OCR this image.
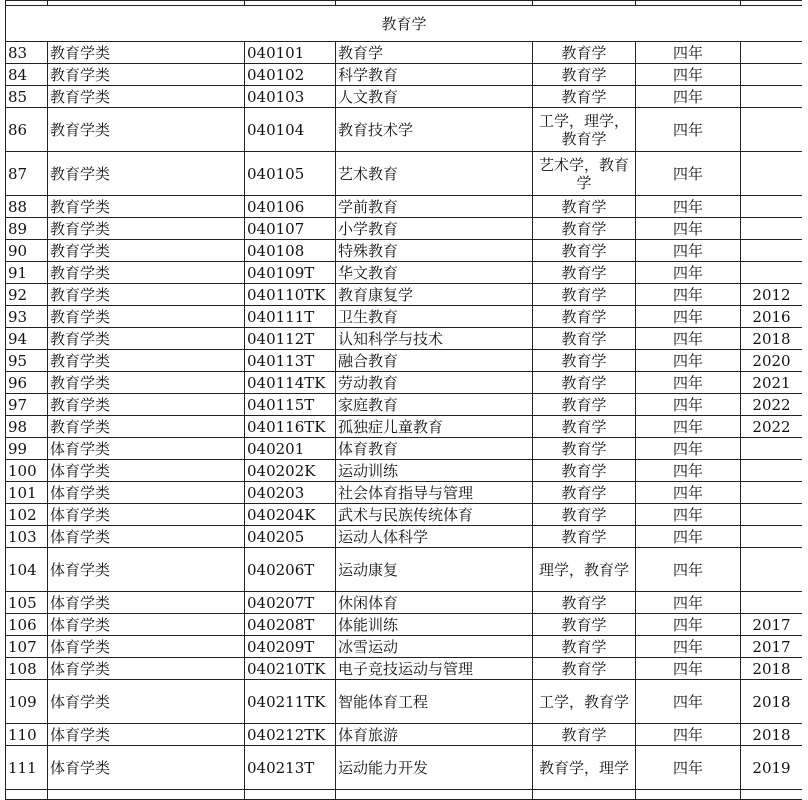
教育学						
83	教育学类	040101	教育学	教育学	四年	
84	教育学类	040102	科学教育	教育学	四年	
85	教育学类	040103	人文教育	教育学	四年	
86	教育学类	040104	教育技术学	工学，理学，教育学	四年	
87	教育学类	040105	艺术教育	艺术学，教育学	四年	
88	教育学类	040106	学前教育	教育学	四年	
89	教育学类	040107	小学教育	教育学	四年	
90	教育学类	040108	特殊教育	教育学	四年	
91	教育学类	040109T	华文教育	教育学	四年	
92	教育学类	040110TK	教育康复学	教育学	四年	2012
93	教育学类	040111T	卫生教育	教育学	四年	2016
94	教育学类	040112T	认知科学与技术	教育学	四年	2018
95	教育学类	040113T	融合教育	教育学	四年	2020
96	教育学类	040114TK	劳动教育	教育学	四年	2021
97	教育学类	040115T	家庭教育	教育学	四年	2022
98	教育学类	040116TK	孤独症儿童教育	教育学	四年	2022
99	体育学类	040201	体育教育	教育学	四年	
100	体育学类	040202K	运动训练	教育学	四年	
101	体育学类	040203	社会体育指导与管理	教育学	四年	
102	体育学类	040204K	武术与民族传统体育	教育学	四年	
103	体育学类	040205	运动人体科学	教育学	四年	
104	体育学类	040206T	运动康复	理学，教育学	四年	
105	体育学类	040207T	休闲体育	教育学	四年	
106	体育学类	040208T	体能训练	教育学	四年	2017
107	体育学类	040209T	冰雪运动	教育学	四年	2017
108	体育学类	040210TK	电子竞技运动与管理	教育学	四年	2018
109	体育学类	040211TK	智能体育工程	工学，教育学	四年	2018
110	体育学类	040212TK	体育旅游	教育学	四年	2018
111	体育学类	040213T	运动能力开发	教育学，理学	四年	2019
